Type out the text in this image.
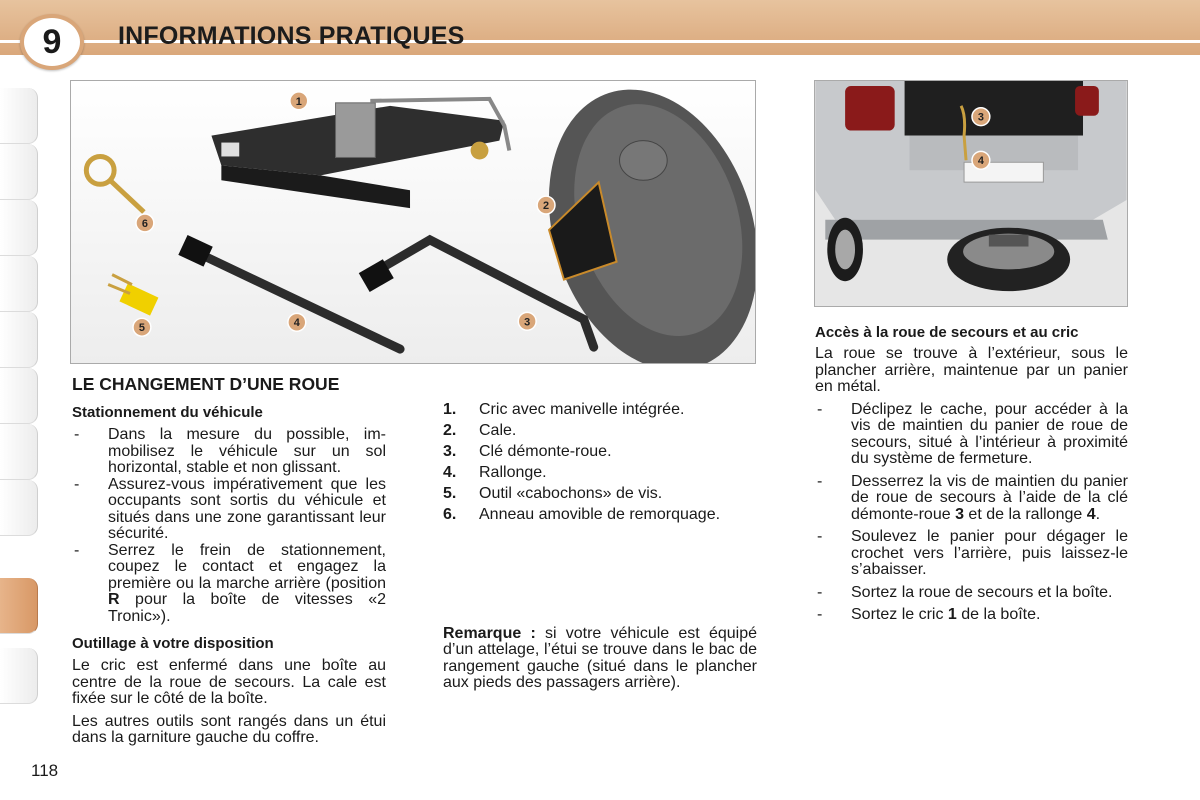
9	INFORMATIONS PRATIQUES
1
2
3
4
5
6
3
4
LE CHANGEMENT D’UNE ROUE
Stationnement du véhicule
- Dans la mesure du possible, immobilisez le véhicule sur un sol horizontal, stable et non glissant.
- Assurez-vous impérativement que les occupants sont sortis du véhicule et situés dans une zone garantissant leur sécurité.
- Serrez le frein de stationnement, coupez le contact et engagez la première ou la marche arrière (position R pour la boîte de vitesses «2 Tronic»).
Outillage à votre disposition

Le cric est enfermé dans une boîte au centre de la roue de secours. La cale est fixée sur le côté de la boîte.

Les autres outils sont rangés dans un étui dans la garniture gauche du coffre.

1. Cric avec manivelle intégrée.
2. Cale.
3. Clé démonte-roue.
4. Rallonge.
5. Outil «cabochons» de vis.
6. Anneau amovible de remorquage.

Remarque : si votre véhicule est équipé d’un attelage, l’étui se trouve dans le bac de rangement gauche (situé dans le plancher aux pieds des passagers arrière).

Accès à la roue de secours et au cric

La roue se trouve à l’extérieur, sous le plancher arrière, maintenue par un panier en métal.

- Déclipez le cache, pour accéder à la vis de maintien du panier de roue de secours, situé à l’intérieur à proximité du système de fermeture.
- Desserrez la vis de maintien du panier de roue de secours à l’aide de la clé démonte-roue 3 et de la rallonge 4.
- Soulevez le panier pour dégager le crochet vers l’arrière, puis laissez-le s’abaisser.
- Sortez la roue de secours et la boîte.
- Sortez le cric 1 de la boîte.
118
